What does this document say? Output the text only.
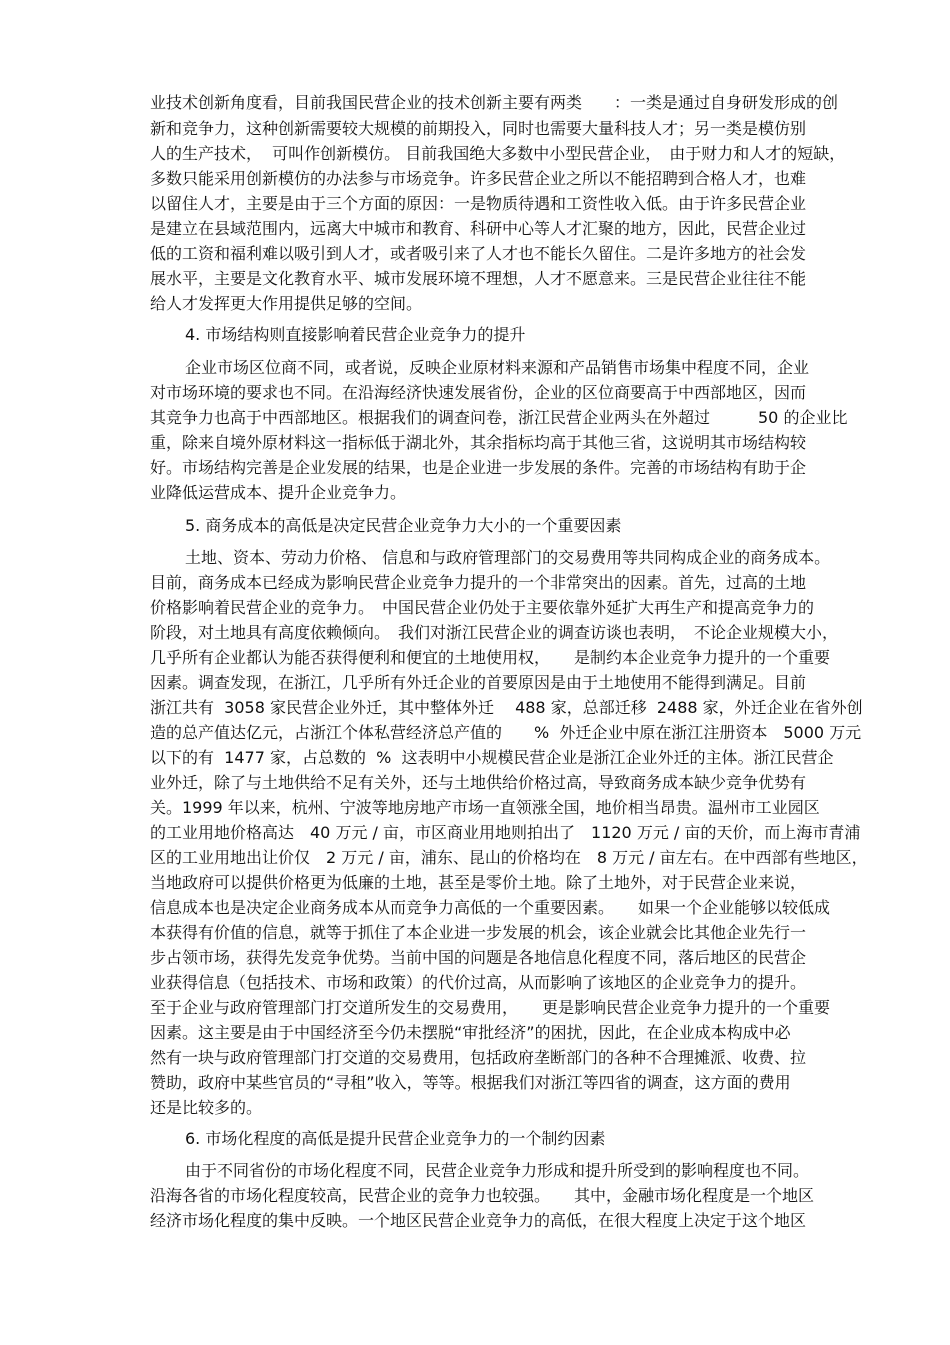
业技术创新角度看，目前我国民营企业的技术创新主要有两类　　：一类是通过自身研发形成的创
新和竞争力，这种创新需要较大规模的前期投入，同时也需要大量科技人才；另一类是模仿别
人的生产技术，  可叫作创新模仿。 目前我国绝大多数中小型民营企业，　由于财力和人才的短缺，
多数只能采用创新模仿的办法参与市场竞争。许多民营企业之所以不能招聘到合格人才，也难
以留住人才，主要是由于三个方面的原因：一是物质待遇和工资性收入低。由于许多民营企业
是建立在县域范围内，远离大中城市和教育、科研中心等人才汇聚的地方，因此，民营企业过
低的工资和福利难以吸引到人才，或者吸引来了人才也不能长久留住。二是许多地方的社会发
展水平，主要是文化教育水平、城市发展环境不理想，人才不愿意来。三是民营企业往往不能
给人才发挥更大作用提供足够的空间。
4. 市场结构则直接影响着民营企业竞争力的提升
企业市场区位商不同，或者说，反映企业原材料来源和产品销售市场集中程度不同，企业
对市场环境的要求也不同。在沿海经济快速发展省份，企业的区位商要高于中西部地区，因而
其竞争力也高于中西部地区。根据我们的调查问卷，浙江民营企业两头在外超过　　　50 的企业比
重，除来自境外原材料这一指标低于湖北外，其余指标均高于其他三省，这说明其市场结构较
好。市场结构完善是企业发展的结果，也是企业进一步发展的条件。完善的市场结构有助于企
业降低运营成本、提升企业竞争力。
5. 商务成本的高低是决定民营企业竞争力大小的一个重要因素
土地、资本、劳动力价格、 信息和与政府管理部门的交易费用等共同构成企业的商务成本。
目前，商务成本已经成为影响民营企业竞争力提升的一个非常突出的因素。首先，过高的土地
价格影响着民营企业的竞争力。　中国民营企业仍处于主要依靠外延扩大再生产和提高竞争力的
阶段，对土地具有高度依赖倾向。　我们对浙江民营企业的调查访谈也表明，　不论企业规模大小，
几乎所有企业都认为能否获得便利和便宜的土地使用权，　　是制约本企业竞争力提升的一个重要
因素。调查发现，在浙江，几乎所有外迁企业的首要原因是由于土地使用不能得到满足。目前
浙江共有  3058 家民营企业外迁，其中整体外迁　 488 家，总部迁移  2488 家，外迁企业在省外创
造的总产值达亿元，占浙江个体私营经济总产值的　　%  外迁企业中原在浙江注册资本　5000 万元
以下的有  1477 家，占总数的  %  这表明中小规模民营企业是浙江企业外迁的主体。浙江民营企
业外迁，除了与土地供给不足有关外，还与土地供给价格过高，导致商务成本缺少竞争优势有
关。1999 年以来，杭州、宁波等地房地产市场一直领涨全国，地价相当昂贵。温州市工业园区
的工业用地价格高达　40 万元 / 亩，市区商业用地则拍出了　1120 万元 / 亩的天价，而上海市青浦
区的工业用地出让价仅　2 万元 / 亩，浦东、昆山的价格均在　8 万元 / 亩左右。在中西部有些地区，
当地政府可以提供价格更为低廉的土地，甚至是零价土地。除了土地外，对于民营企业来说，
信息成本也是决定企业商务成本从而竞争力高低的一个重要因素。　　如果一个企业能够以较低成
本获得有价值的信息，就等于抓住了本企业进一步发展的机会，该企业就会比其他企业先行一
步占领市场，获得先发竞争优势。当前中国的问题是各地信息化程度不同，落后地区的民营企
业获得信息（包括技术、市场和政策）的代价过高，从而影响了该地区的企业竞争力的提升。
至于企业与政府管理部门打交道所发生的交易费用，　　更是影响民营企业竞争力提升的一个重要
因素。这主要是由于中国经济至今仍未摆脱“审批经济”的困扰，因此，在企业成本构成中必
然有一块与政府管理部门打交道的交易费用，包括政府垄断部门的各种不合理摊派、收费、拉
赞助，政府中某些官员的“寻租”收入，等等。根据我们对浙江等四省的调查，这方面的费用
还是比较多的。
6. 市场化程度的高低是提升民营企业竞争力的一个制约因素
由于不同省份的市场化程度不同，民营企业竞争力形成和提升所受到的影响程度也不同。
沿海各省的市场化程度较高，民营企业的竞争力也较强。　　其中，金融市场化程度是一个地区
经济市场化程度的集中反映。一个地区民营企业竞争力的高低，在很大程度上决定于这个地区
